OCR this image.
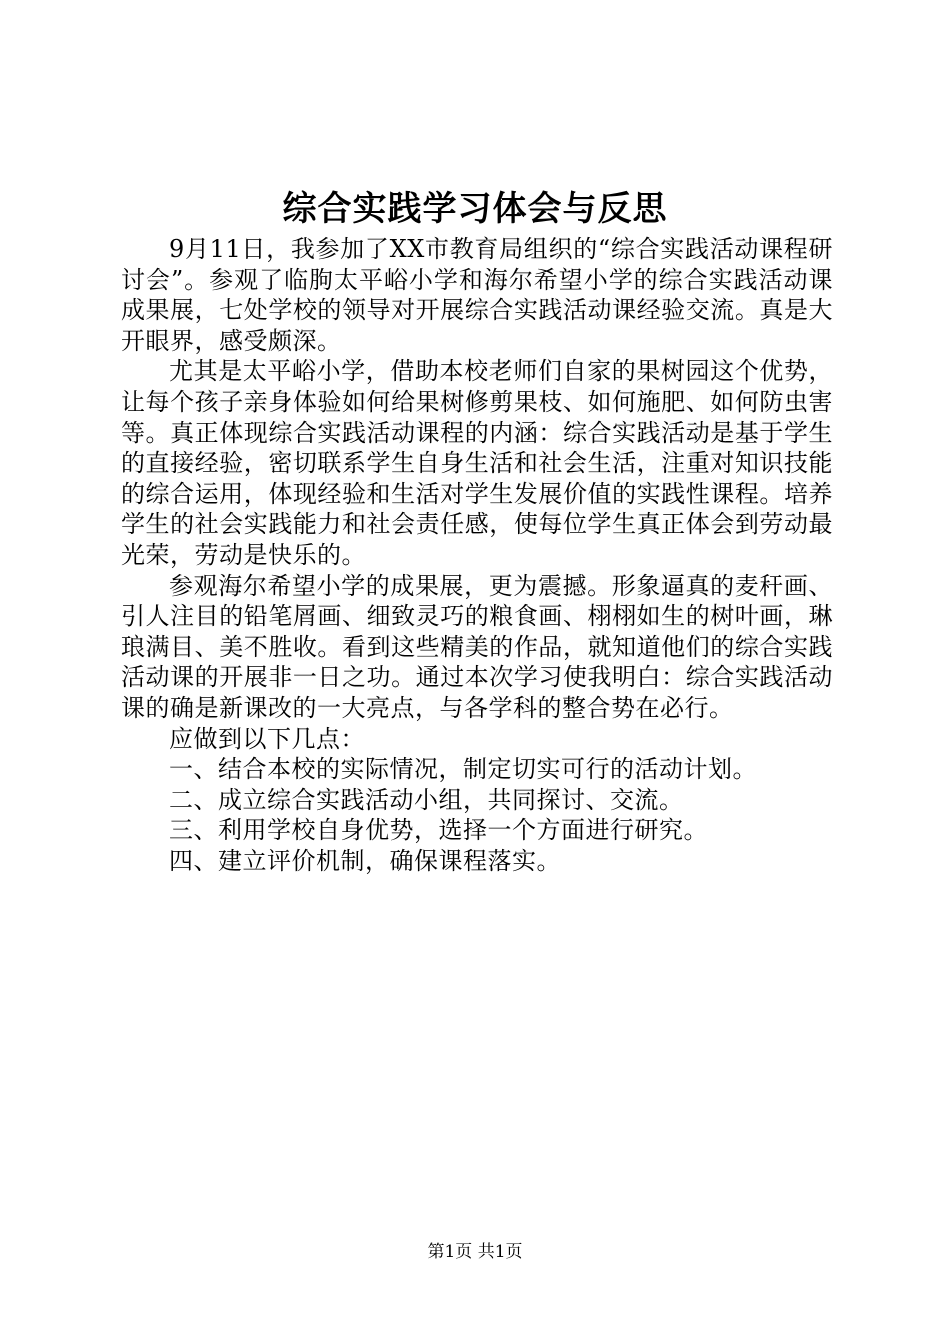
综合实践学习体会与反思

9月11日，我参加了XX市教育局组织的“综合实践活动课程研讨会”。参观了临朐太平峪小学和海尔希望小学的综合实践活动课成果展，七处学校的领导对开展综合实践活动课经验交流。真是大开眼界，感受颇深。

尤其是太平峪小学，借助本校老师们自家的果树园这个优势，让每个孩子亲身体验如何给果树修剪果枝、如何施肥、如何防虫害等。真正体现综合实践活动课程的内涵：综合实践活动是基于学生的直接经验，密切联系学生自身生活和社会生活，注重对知识技能的综合运用，体现经验和生活对学生发展价值的实践性课程。培养学生的社会实践能力和社会责任感，使每位学生真正体会到劳动最光荣，劳动是快乐的。

参观海尔希望小学的成果展，更为震撼。形象逼真的麦秆画、引人注目的铅笔屑画、细致灵巧的粮食画、栩栩如生的树叶画，琳琅满目、美不胜收。看到这些精美的作品，就知道他们的综合实践活动课的开展非一日之功。通过本次学习使我明白：综合实践活动课的确是新课改的一大亮点，与各学科的整合势在必行。

应做到以下几点：

一、结合本校的实际情况，制定切实可行的活动计划。

二、成立综合实践活动小组，共同探讨、交流。

三、利用学校自身优势，选择一个方面进行研究。

四、建立评价机制，确保课程落实。

第1页 共1页
